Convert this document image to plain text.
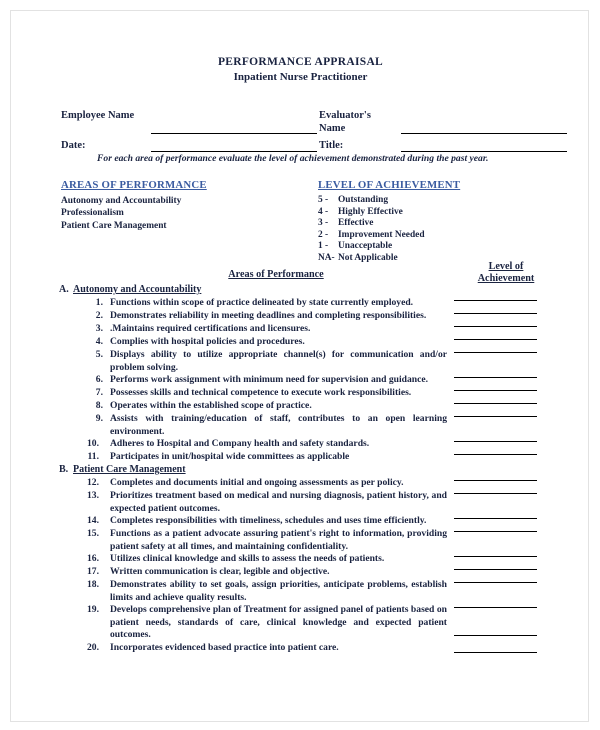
PERFORMANCE APPRAISAL
Inpatient Nurse Practitioner
Employee Name	Evaluator's
Name
Date:	Title:
For each area of performance evaluate the level of achievement demonstrated during the past year.
AREAS OF PERFORMANCE	LEVEL OF ACHIEVEMENT
Autonomy and Accountability
Professionalism
Patient Care Management
5 - Outstanding
4 - Highly Effective
3 - Effective
2 - Improvement Needed
1 - Unacceptable
NA- Not Applicable
Areas of Performance
Level of
Achievement
A. Autonomy and Accountability
1. Functions within scope of practice delineated by state currently employed.
2. Demonstrates reliability in meeting deadlines and completing responsibilities.
3. .Maintains required certifications and licensures.
4. Complies with hospital policies and procedures.
5. Displays ability to utilize appropriate channel(s) for communication and/or problem solving.
6. Performs work assignment with minimum need for supervision and guidance.
7. Possesses skills and technical competence to execute work responsibilities.
8. Operates within the established scope of practice.
9. Assists with training/education of staff, contributes to an open learning environment.
10. Adheres to Hospital and Company health and safety standards.
11. Participates in unit/hospital wide committees as applicable
B. Patient Care Management
12. Completes and documents initial and ongoing assessments as per policy.
13. Prioritizes treatment based on medical and nursing diagnosis, patient history, and expected patient outcomes.
14. Completes responsibilities with timeliness, schedules and uses time efficiently.
15. Functions as a patient advocate assuring patient's right to information, providing patient safety at all times, and maintaining confidentiality.
16. Utilizes clinical knowledge and skills to assess the needs of patients.
17. Written communication is clear, legible and objective.
18. Demonstrates ability to set goals, assign priorities, anticipate problems, establish limits and achieve quality results.
19. Develops comprehensive plan of Treatment for assigned panel of patients based on patient needs, standards of care, clinical knowledge and expected patient outcomes.
20. Incorporates evidenced based practice into patient care.
